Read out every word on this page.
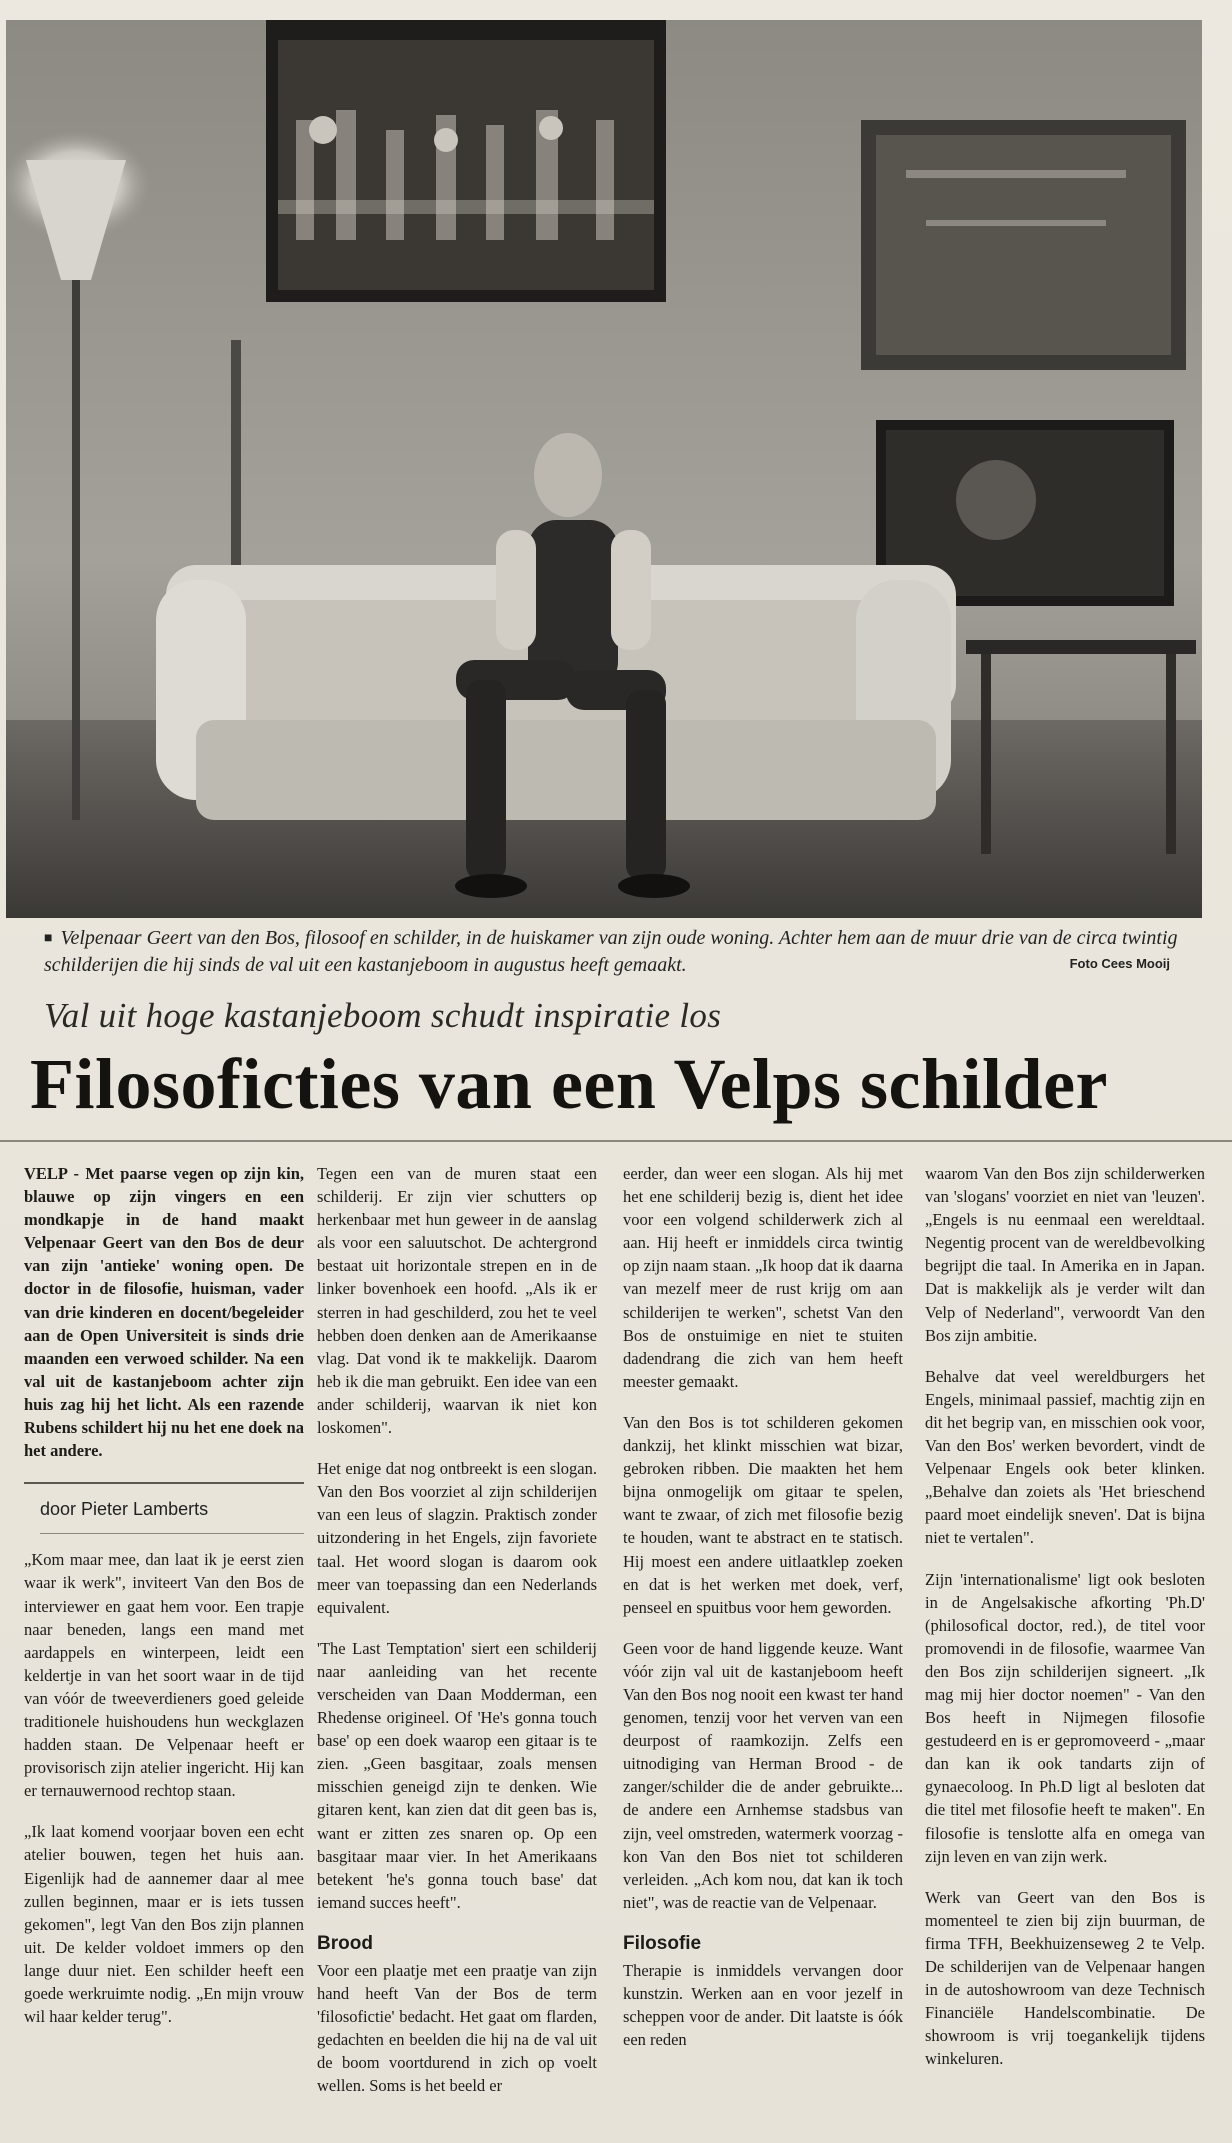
■ Velpenaar Geert van den Bos, filosoof en schilder, in de huiskamer van zijn oude woning. Achter hem aan de muur drie van de circa twintig schilderijen die hij sinds de val uit een kastanjeboom in augustus heeft gemaakt.	Foto Cees Mooij
Val uit hoge kastanjeboom schudt inspiratie los
Filosoficties van een Velps schilder

VELP - Met paarse vegen op zijn kin, blauwe op zijn vingers en een mondkapje in de hand maakt Velpenaar Geert van den Bos de deur van zijn 'antieke' woning open. De doctor in de filosofie, huisman, vader van drie kinderen en docent/begeleider aan de Open Universiteit is sinds drie maanden een verwoed schilder. Na een val uit de kastanjeboom achter zijn huis zag hij het licht. Als een razende Rubens schildert hij nu het ene doek na het andere.

door Pieter Lamberts

„Kom maar mee, dan laat ik je eerst zien waar ik werk", inviteert Van den Bos de interviewer en gaat hem voor. Een trapje naar beneden, langs een mand met aardappels en winterpeen, leidt een keldertje in van het soort waar in de tijd van vóór de tweeverdieners goed geleide traditionele huishoudens hun weckglazen hadden staan. De Velpenaar heeft er provisorisch zijn atelier ingericht. Hij kan er ternauwernood rechtop staan.

„Ik laat komend voorjaar boven een echt atelier bouwen, tegen het huis aan. Eigenlijk had de aannemer daar al mee zullen beginnen, maar er is iets tussen gekomen", legt Van den Bos zijn plannen uit. De kelder voldoet immers op den lange duur niet. Een schilder heeft een goede werkruimte nodig. „En mijn vrouw wil haar kelder terug".

Tegen een van de muren staat een schilderij. Er zijn vier schutters op herkenbaar met hun geweer in de aanslag als voor een saluutschot. De achtergrond bestaat uit horizontale strepen en in de linker bovenhoek een hoofd. „Als ik er sterren in had geschilderd, zou het te veel hebben doen denken aan de Amerikaanse vlag. Dat vond ik te makkelijk. Daarom heb ik die man gebruikt. Een idee van een ander schilderij, waarvan ik niet kon loskomen".

Het enige dat nog ontbreekt is een slogan. Van den Bos voorziet al zijn schilderijen van een leus of slagzin. Praktisch zonder uitzondering in het Engels, zijn favoriete taal. Het woord slogan is daarom ook meer van toepassing dan een Nederlands equivalent.

'The Last Temptation' siert een schilderij naar aanleiding van het recente verscheiden van Daan Modderman, een Rhedense origineel. Of 'He's gonna touch base' op een doek waarop een gitaar is te zien. „Geen basgitaar, zoals mensen misschien geneigd zijn te denken. Wie gitaren kent, kan zien dat dit geen bas is, want er zitten zes snaren op. Op een basgitaar maar vier. In het Amerikaans betekent 'he's gonna touch base' dat iemand succes heeft".

Brood

Voor een plaatje met een praatje van zijn hand heeft Van der Bos de term 'filosofictie' bedacht. Het gaat om flarden, gedachten en beelden die hij na de val uit de boom voortdurend in zich op voelt wellen. Soms is het beeld er

eerder, dan weer een slogan. Als hij met het ene schilderij bezig is, dient het idee voor een volgend schilderwerk zich al aan. Hij heeft er inmiddels circa twintig op zijn naam staan. „Ik hoop dat ik daarna van mezelf meer de rust krijg om aan schilderijen te werken", schetst Van den Bos de onstuimige en niet te stuiten dadendrang die zich van hem heeft meester gemaakt.

Van den Bos is tot schilderen gekomen dankzij, het klinkt misschien wat bizar, gebroken ribben. Die maakten het hem bijna onmogelijk om gitaar te spelen, want te zwaar, of zich met filosofie bezig te houden, want te abstract en te statisch. Hij moest een andere uitlaatklep zoeken en dat is het werken met doek, verf, penseel en spuitbus voor hem geworden.

Geen voor de hand liggende keuze. Want vóór zijn val uit de kastanjeboom heeft Van den Bos nog nooit een kwast ter hand genomen, tenzij voor het verven van een deurpost of raamkozijn. Zelfs een uitnodiging van Herman Brood - de zanger/schilder die de ander gebruikte... de andere een Arnhemse stadsbus van zijn, veel omstreden, watermerk voorzag - kon Van den Bos niet tot schilderen verleiden. „Ach kom nou, dat kan ik toch niet", was de reactie van de Velpenaar.

Filosofie

Therapie is inmiddels vervangen door kunstzin. Werken aan en voor jezelf in scheppen voor de ander. Dit laatste is óók een reden

waarom Van den Bos zijn schilderwerken van 'slogans' voorziet en niet van 'leuzen'. „Engels is nu eenmaal een wereldtaal. Negentig procent van de wereldbevolking begrijpt die taal. In Amerika en in Japan. Dat is makkelijk als je verder wilt dan Velp of Nederland", verwoordt Van den Bos zijn ambitie.

Behalve dat veel wereldburgers het Engels, minimaal passief, machtig zijn en dit het begrip van, en misschien ook voor, Van den Bos' werken bevordert, vindt de Velpenaar Engels ook beter klinken. „Behalve dan zoiets als 'Het brieschend paard moet eindelijk sneven'. Dat is bijna niet te vertalen".

Zijn 'internationalisme' ligt ook besloten in de Angelsakische afkorting 'Ph.D' (philosofical doctor, red.), de titel voor promovendi in de filosofie, waarmee Van den Bos zijn schilderijen signeert. „Ik mag mij hier doctor noemen" - Van den Bos heeft in Nijmegen filosofie gestudeerd en is er gepromoveerd - „maar dan kan ik ook tandarts zijn of gynaecoloog. In Ph.D ligt al besloten dat die titel met filosofie heeft te maken". En filosofie is tenslotte alfa en omega van zijn leven en van zijn werk.

Werk van Geert van den Bos is momenteel te zien bij zijn buurman, de firma TFH, Beekhuizenseweg 2 te Velp. De schilderijen van de Velpenaar hangen in de autoshowroom van deze Technisch Financiële Handelscombinatie. De showroom is vrij toegankelijk tijdens winkeluren.
